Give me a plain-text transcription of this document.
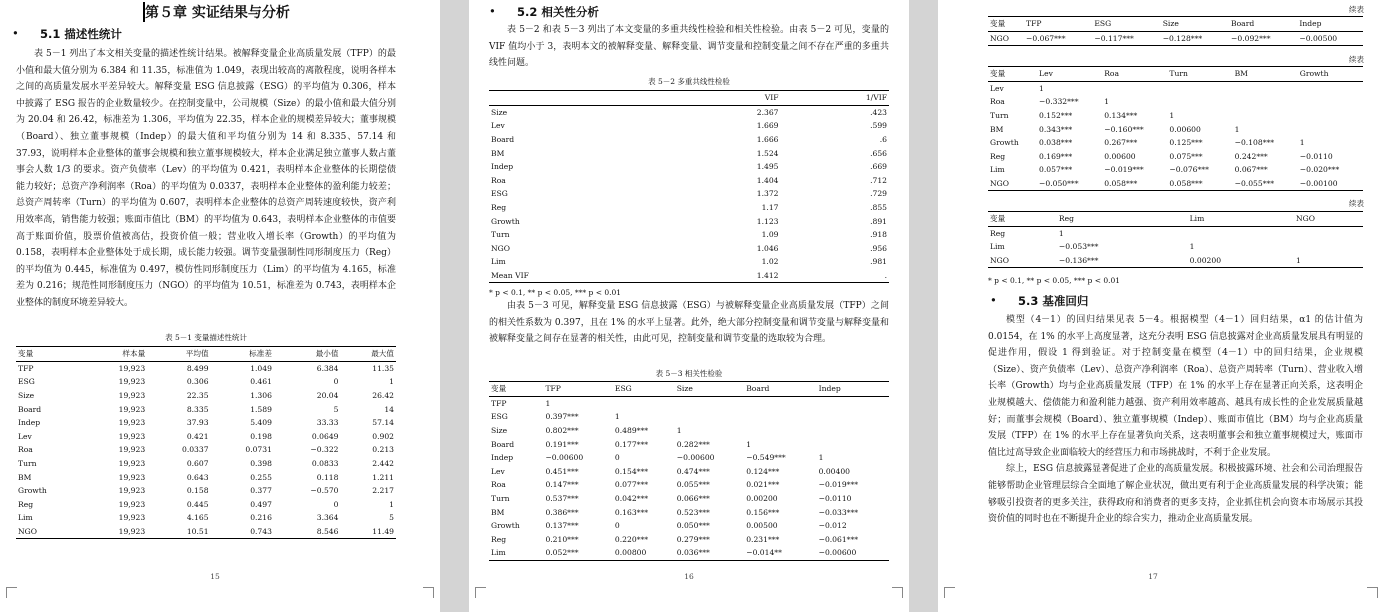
第５章 实证结果与分析
• 5.1 描述性统计

表 5－1 列出了本文相关变量的描述性统计结果。被解释变量企业高质量发展（TFP）的最小值和最大值分别为 6.384 和 11.35，标准值为 1.049，表现出较高的离散程度，说明各样本之间的高质量发展水平差异较大。解释变量 ESG 信息披露（ESG）的平均值为 0.306，样本中披露了 ESG 报告的企业数量较少。在控制变量中，公司规模（Size）的最小值和最大值分别为 20.04 和 26.42，标准差为 1.306，平均值为 22.35，样本企业的规模差异较大；董事规模（Board）、独立董事规模（Indep）的最大值和平均值分别为 14 和 8.335、57.14 和 37.93，说明样本企业整体的董事会规模和独立董事规模较大，样本企业满足独立董事人数占董事会人数 1/3 的要求。资产负债率（Lev）的平均值为 0.421，表明样本企业整体的长期偿债能力较好；总资产净利润率（Roa）的平均值为 0.0337，表明样本企业整体的盈利能力较差；总资产周转率（Turn）的平均值为 0.607，表明样本企业整体的总资产周转速度较快，资产利用效率高，销售能力较强；账面市值比（BM）的平均值为 0.643，表明样本企业整体的市值要高于账面价值，股票价值被高估，投资价值一般；营业收入增长率（Growth）的平均值为 0.158，表明样本企业整体处于成长期，成长能力较强。调节变量强制性同形制度压力（Reg）的平均值为 0.445，标准值为 0.497，模仿性同形制度压力（Lim）的平均值为 4.165，标准差为 0.216；规范性同形制度压力（NGO）的平均值为 10.51，标准差为 0.743，表明样本企业整体的制度环境差异较大。

表 5－1 变量描述性统计
变量	样本量	平均值	标准差	最小值	最大值
TFP	19,923	8.499	1.049	6.384	11.35
ESG	19,923	0.306	0.461	0	1
Size	19,923	22.35	1.306	20.04	26.42
Board	19,923	8.335	1.589	5	14
Indep	19,923	37.93	5.409	33.33	57.14
Lev	19,923	0.421	0.198	0.0649	0.902
Roa	19,923	0.0337	0.0731	−0.322	0.213
Turn	19,923	0.607	0.398	0.0833	2.442
BM	19,923	0.643	0.255	0.118	1.211
Growth	19,923	0.158	0.377	−0.570	2.217
Reg	19,923	0.445	0.497	0	1
Lim	19,923	4.165	0.216	3.364	5
NGO	19,923	10.51	0.743	8.546	11.49
15
• 5.2 相关性分析

表 5－2 和表 5－3 列出了本文变量的多重共线性检验和相关性检验。由表 5－2 可见，变量的 VIF 值均小于 3，表明本文的被解释变量、解释变量、调节变量和控制变量之间不存在严重的多重共线性问题。

表 5－2 多重共线性检验
	VIF	1/VIF
Size	2.367	.423
Lev	1.669	.599
Board	1.666	.6
BM	1.524	.656
Indep	1.495	.669
Roa	1.404	.712
ESG	1.372	.729
Reg	1.17	.855
Growth	1.123	.891
Turn	1.09	.918
NGO	1.046	.956
Lim	1.02	.981
Mean VIF	1.412	.
* p < 0.1, ** p < 0.05, *** p < 0.01

由表 5－3 可见，解释变量 ESG 信息披露（ESG）与被解释变量企业高质量发展（TFP）之间的相关性系数为 0.397，且在 1% 的水平上显著。此外，绝大部分控制变量和调节变量与解释变量和被解释变量之间存在显著的相关性，由此可见，控制变量和调节变量的选取较为合理。

表 5－3 相关性检验
变量	TFP	ESG	Size	Board	Indep
TFP	1				
ESG	0.397***	1			
Size	0.802***	0.489***	1		
Board	0.191***	0.177***	0.282***	1	
Indep	−0.00600	0	−0.00600	−0.549***	1
Lev	0.451***	0.154***	0.474***	0.124***	0.00400
Roa	0.147***	0.077***	0.055***	0.021***	−0.019***
Turn	0.537***	0.042***	0.066***	0.00200	−0.0110
BM	0.386***	0.163***	0.523***	0.156***	−0.033***
Growth	0.137***	0	0.050***	0.00500	−0.012
Reg	0.210***	0.220***	0.279***	0.231***	−0.061***
Lim	0.052***	0.00800	0.036***	−0.014**	−0.00600
16
续表
变量	TFP	ESG	Size	Board	Indep
NGO	−0.067***	−0.117***	−0.128***	−0.092***	−0.00500
续表
变量	Lev	Roa	Turn	BM	Growth
Lev	1				
Roa	−0.332***	1			
Turn	0.152***	0.134***	1		
BM	0.343***	−0.160***	0.00600	1	
Growth	0.038***	0.267***	0.125***	−0.108***	1
Reg	0.169***	0.00600	0.075***	0.242***	−0.0110
Lim	0.057***	−0.019***	−0.076***	0.067***	−0.020***
NGO	−0.050***	0.058***	0.058***	−0.055***	−0.00100
续表
变量	Reg	Lim	NGO
Reg	1		
Lim	−0.053***	1	
NGO	−0.136***	0.00200	1
* p < 0.1, ** p < 0.05, *** p < 0.01
• 5.3 基准回归

模型（4－1）的回归结果见表 5－4。根据模型（4－1）回归结果，α1 的估计值为 0.0154，在 1% 的水平上高度显著，这充分表明 ESG 信息披露对企业高质量发展具有明显的促进作用，假设 1 得到验证。对于控制变量在模型（4－1）中的回归结果，企业规模（Size）、资产负债率（Lev）、总资产净利润率（Roa）、总资产周转率（Turn）、营业收入增长率（Growth）均与企业高质量发展（TFP）在 1% 的水平上存在显著正向关系，这表明企业规模越大、偿债能力和盈利能力越强、资产利用效率越高、越具有成长性的企业发展质量越好；而董事会规模（Board）、独立董事规模（Indep）、账面市值比（BM）均与企业高质量发展（TFP）在 1% 的水平上存在显著负向关系，这表明董事会和独立董事规模过大，账面市值比过高导致企业面临较大的经营压力和市场挑战时，不利于企业发展。

综上，ESG 信息披露显著促进了企业的高质量发展。积极披露环境、社会和公司治理报告能够帮助企业管理层综合全面地了解企业状况，做出更有利于企业高质量发展的科学决策；能够吸引投资者的更多关注，获得政府和消费者的更多支持，企业抓住机会向资本市场展示其投资价值的同时也在不断提升企业的综合实力，推动企业高质量发展。

17
